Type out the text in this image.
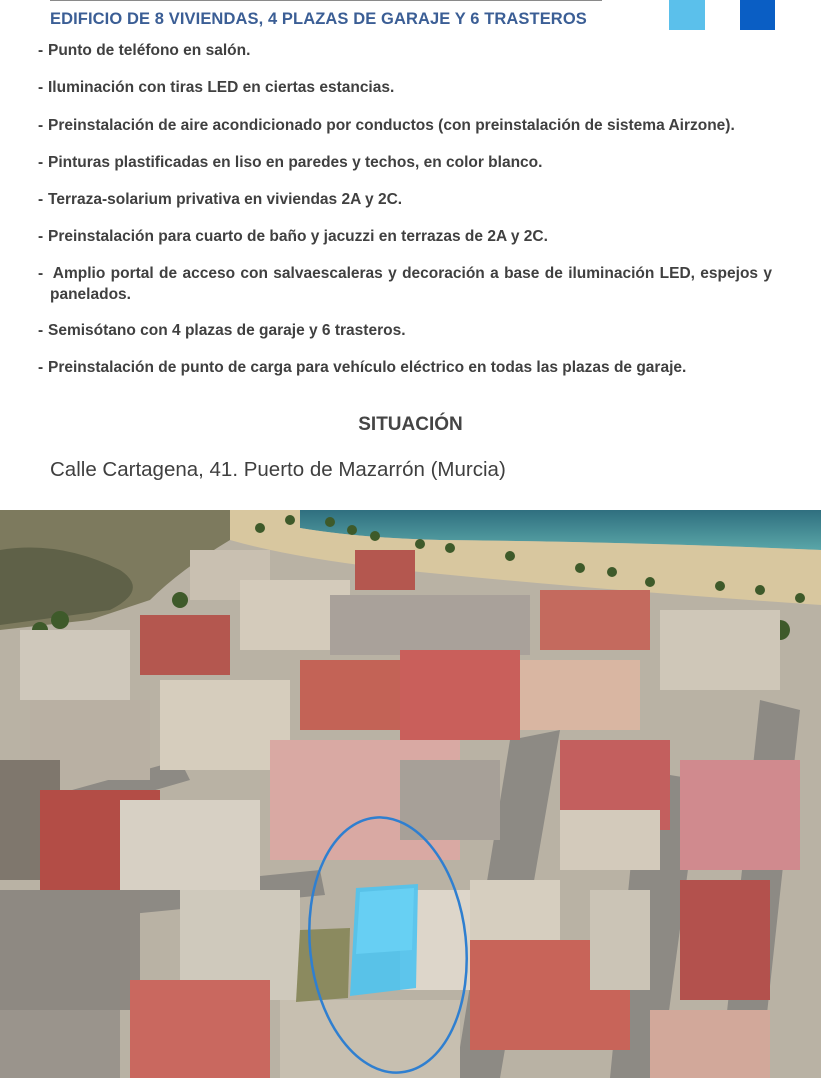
EDIFICIO DE 8 VIVIENDAS, 4 PLAZAS DE GARAJE Y 6 TRASTEROS

- Punto de teléfono en salón.

- Iluminación con tiras LED en ciertas estancias.

- Preinstalación de aire acondicionado por conductos (con preinstalación de sistema Airzone).

- Pinturas plastificadas en liso en paredes y techos, en color blanco.

- Terraza-solarium privativa en viviendas 2A y 2C.

- Preinstalación para cuarto de baño y jacuzzi en terrazas de 2A y 2C.

- Amplio portal de acceso con salvaescaleras y decoración a base de iluminación LED, espejos y
panelados.

- Semisótano con 4 plazas de garaje y 6 trasteros.

- Preinstalación de punto de carga para vehículo eléctrico en todas las plazas de garaje.

SITUACIÓN
Calle Cartagena, 41. Puerto de Mazarrón (Murcia)
